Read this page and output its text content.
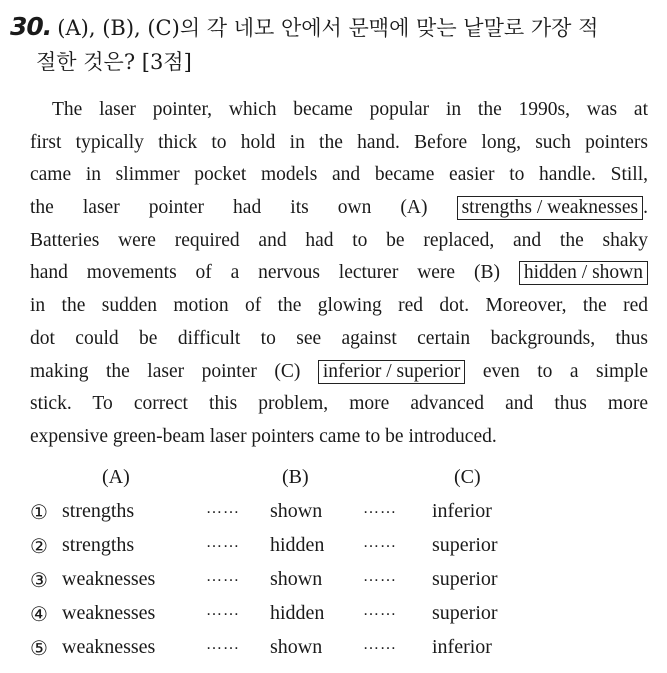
30. (A), (B), (C)의 각 네모 안에서 문맥에 맞는 낱말로 가장 적
절한 것은? [3점]
The laser pointer, which became popular in the 1990s, was at
first typically thick to hold in the hand. Before long, such pointers
came in slimmer pocket models and became easier to handle. Still,
the laser pointer had its own (A) strengths / weaknesses .
Batteries were required and had to be replaced, and the shaky
hand movements of a nervous lecturer were (B) hidden / shown
in the sudden motion of the glowing red dot. Moreover, the red
dot could be difficult to see against certain backgrounds, thus
making the laser pointer (C) inferior / superior even to a simple
stick. To correct this problem, more advanced and thus more
expensive green-beam laser pointers came to be introduced.
(A)	(B)	(C)
① strengths	…… shown	…… inferior
② strengths	…… hidden …… superior
③ weaknesses	…… shown	…… superior
④ weaknesses	…… hidden …… superior
⑤ weaknesses	…… shown	…… inferior
